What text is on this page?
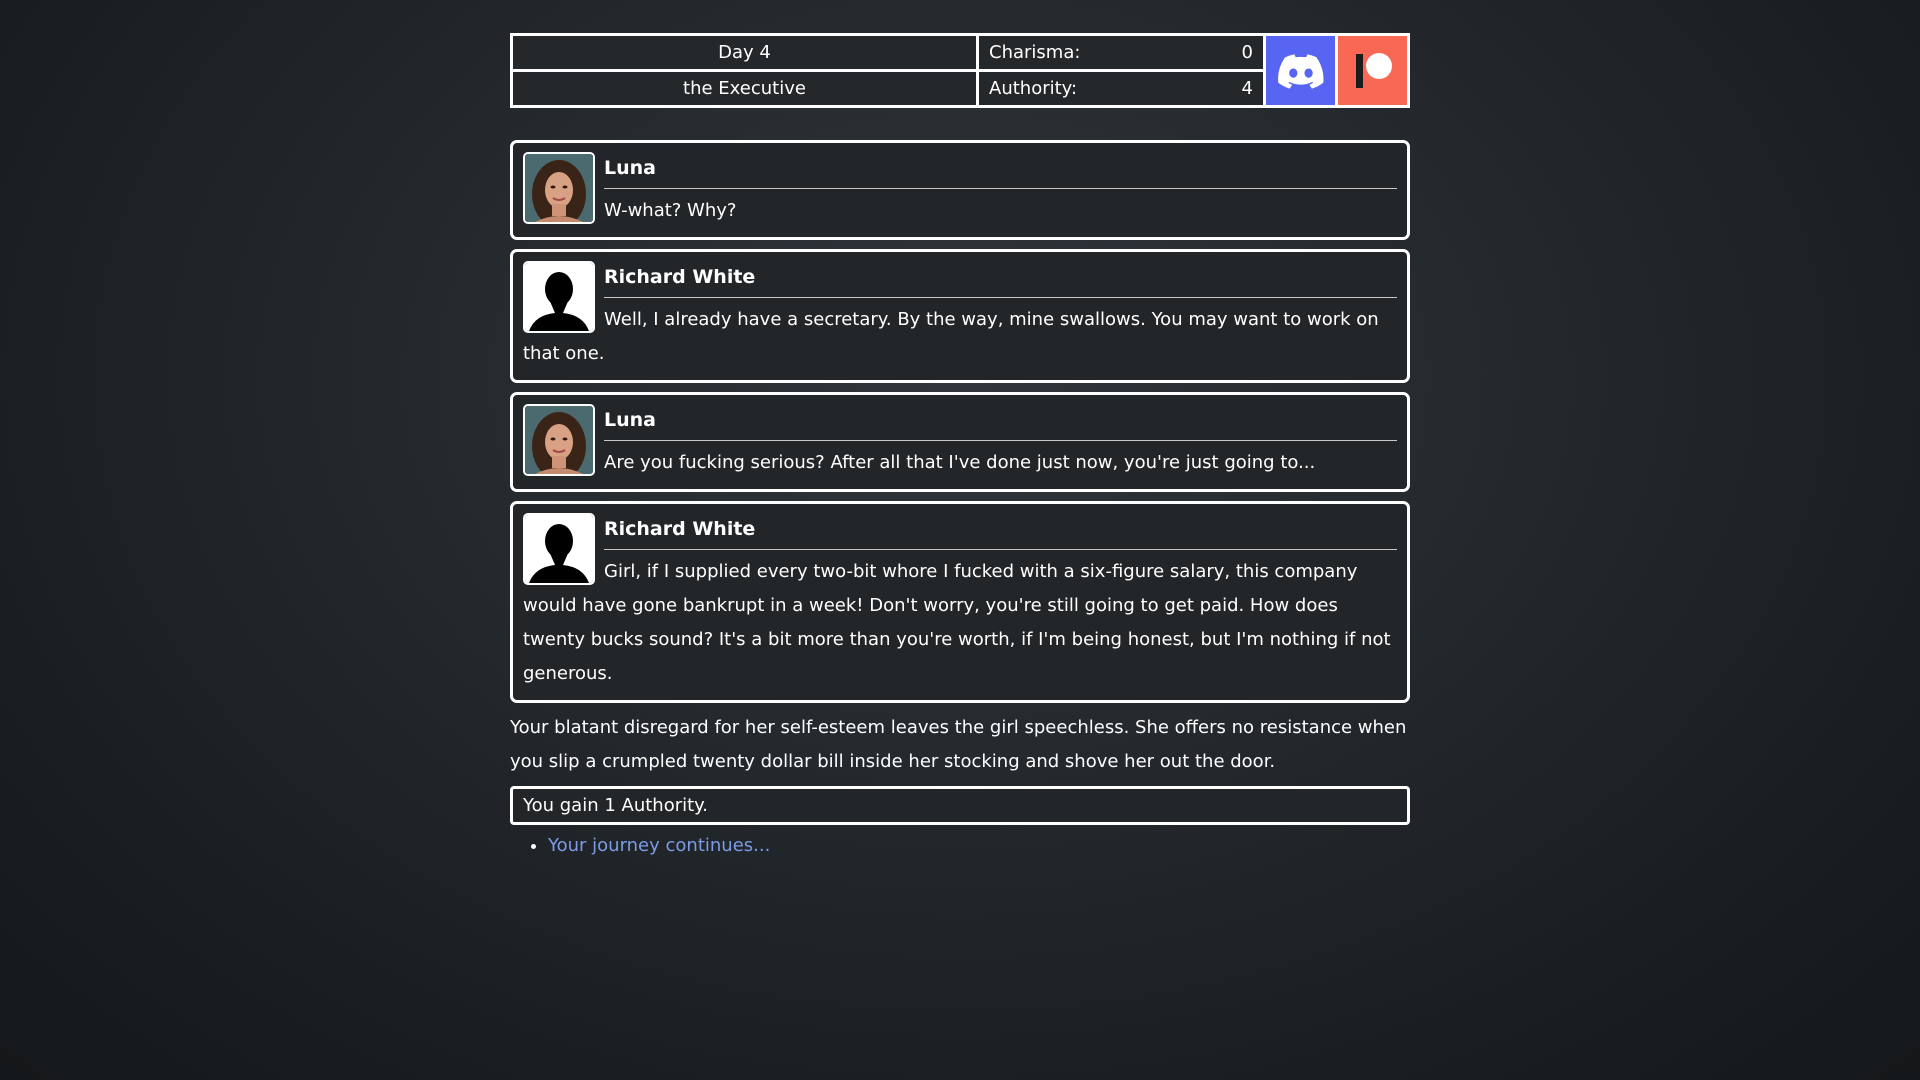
Day 4	Charisma: 0

the Executive	Authority: 4
Luna
W-what? Why?
Richard White
Well, I already have a secretary. By the way, mine swallows. You may want to work on that one.
Luna
Are you fucking serious? After all that I've done just now, you're just going to...
Richard White
Girl, if I supplied every two-bit whore I fucked with a six-figure salary, this company would have gone bankrupt in a week! Don't worry, you're still going to get paid. How does twenty bucks sound? It's a bit more than you're worth, if I'm being honest, but I'm nothing if not generous.
Your blatant disregard for her self-esteem leaves the girl speechless. She offers no resistance when you slip a crumpled twenty dollar bill inside her stocking and shove her out the door.
You gain 1 Authority.
• Your journey continues...
